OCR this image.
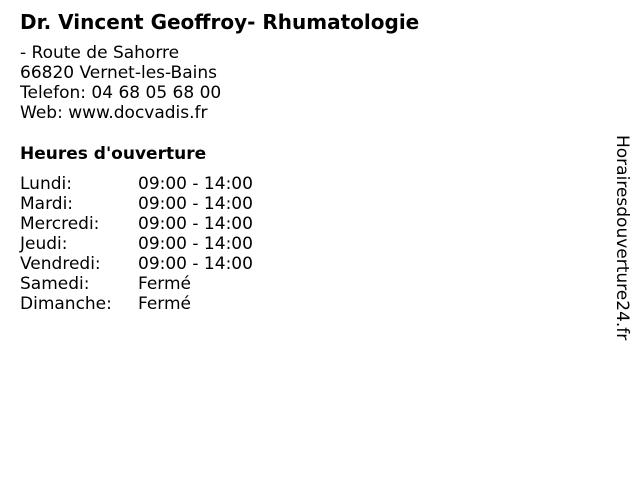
Dr. Vincent Geoffroy- Rhumatologie
- Route de Sahorre
66820 Vernet-les-Bains
Telefon: 04 68 05 68 00
Web: www.docvadis.fr
Heures d'ouverture
Lundi:	09:00 - 14:00
Mardi:	09:00 - 14:00
Mercredi:	09:00 - 14:00
Jeudi:	09:00 - 14:00
Vendredi:	09:00 - 14:00
Samedi:	Fermé
Dimanche:	Fermé	Horairesdouverture24.fr
